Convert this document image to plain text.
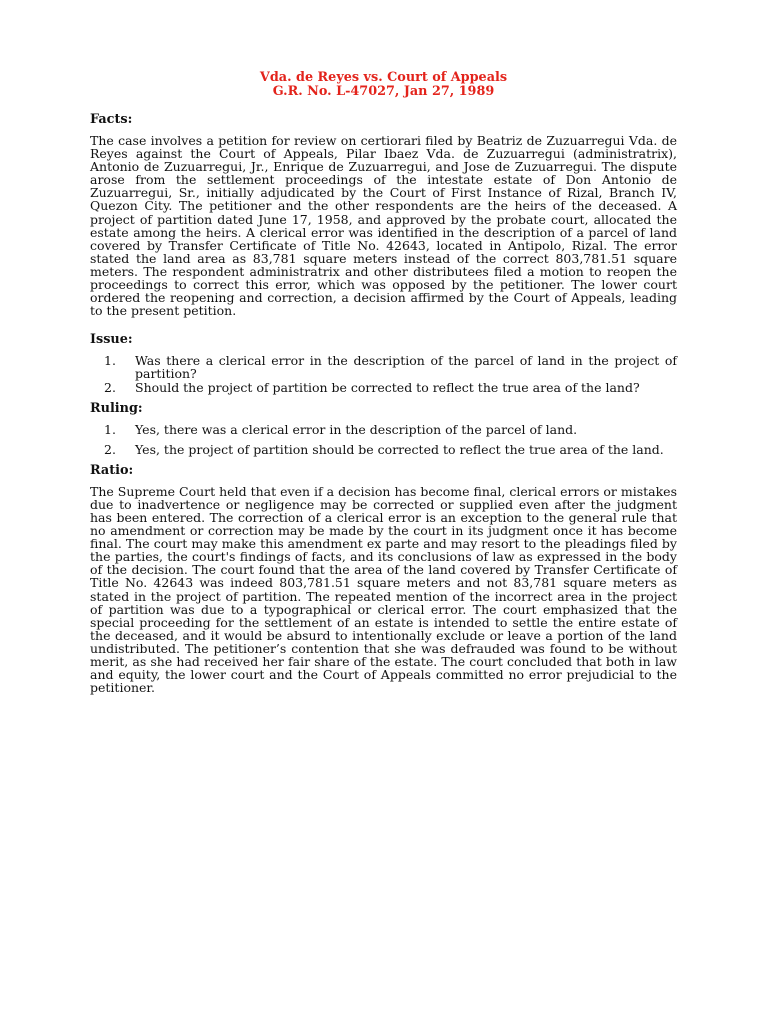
Vda. de Reyes vs. Court of Appeals

G.R. No. L-47027, Jan 27, 1989

Facts:

The case involves a petition for review on certiorari filed by Beatriz de Zuzuarregui Vda. de Reyes against the Court of Appeals, Pilar Ibaez Vda. de Zuzuarregui (administratrix), Antonio de Zuzuarregui, Jr., Enrique de Zuzuarregui, and Jose de Zuzuarregui. The dispute arose from the settlement proceedings of the intestate estate of Don Antonio de Zuzuarregui, Sr., initially adjudicated by the Court of First Instance of Rizal, Branch IV, Quezon City. The petitioner and the other respondents are the heirs of the deceased. A project of partition dated June 17, 1958, and approved by the probate court, allocated the estate among the heirs. A clerical error was identified in the description of a parcel of land covered by Transfer Certificate of Title No. 42643, located in Antipolo, Rizal. The error stated the land area as 83,781 square meters instead of the correct 803,781.51 square meters. The respondent administratrix and other distributees filed a motion to reopen the proceedings to correct this error, which was opposed by the petitioner. The lower court ordered the reopening and correction, a decision affirmed by the Court of Appeals, leading to the present petition.

Issue:

1. Was there a clerical error in the description of the parcel of land in the project of partition?
2. Should the project of partition be corrected to reflect the true area of the land?

Ruling:

1. Yes, there was a clerical error in the description of the parcel of land.
2. Yes, the project of partition should be corrected to reflect the true area of the land.

Ratio:

The Supreme Court held that even if a decision has become final, clerical errors or mistakes due to inadvertence or negligence may be corrected or supplied even after the judgment has been entered. The correction of a clerical error is an exception to the general rule that no amendment or correction may be made by the court in its judgment once it has become final. The court may make this amendment ex parte and may resort to the pleadings filed by the parties, the court's findings of facts, and its conclusions of law as expressed in the body of the decision. The court found that the area of the land covered by Transfer Certificate of Title No. 42643 was indeed 803,781.51 square meters and not 83,781 square meters as stated in the project of partition. The repeated mention of the incorrect area in the project of partition was due to a typographical or clerical error. The court emphasized that the special proceeding for the settlement of an estate is intended to settle the entire estate of the deceased, and it would be absurd to intentionally exclude or leave a portion of the land undistributed. The petitioner’s contention that she was defrauded was found to be without merit, as she had received her fair share of the estate. The court concluded that both in law and equity, the lower court and the Court of Appeals committed no error prejudicial to the petitioner.
